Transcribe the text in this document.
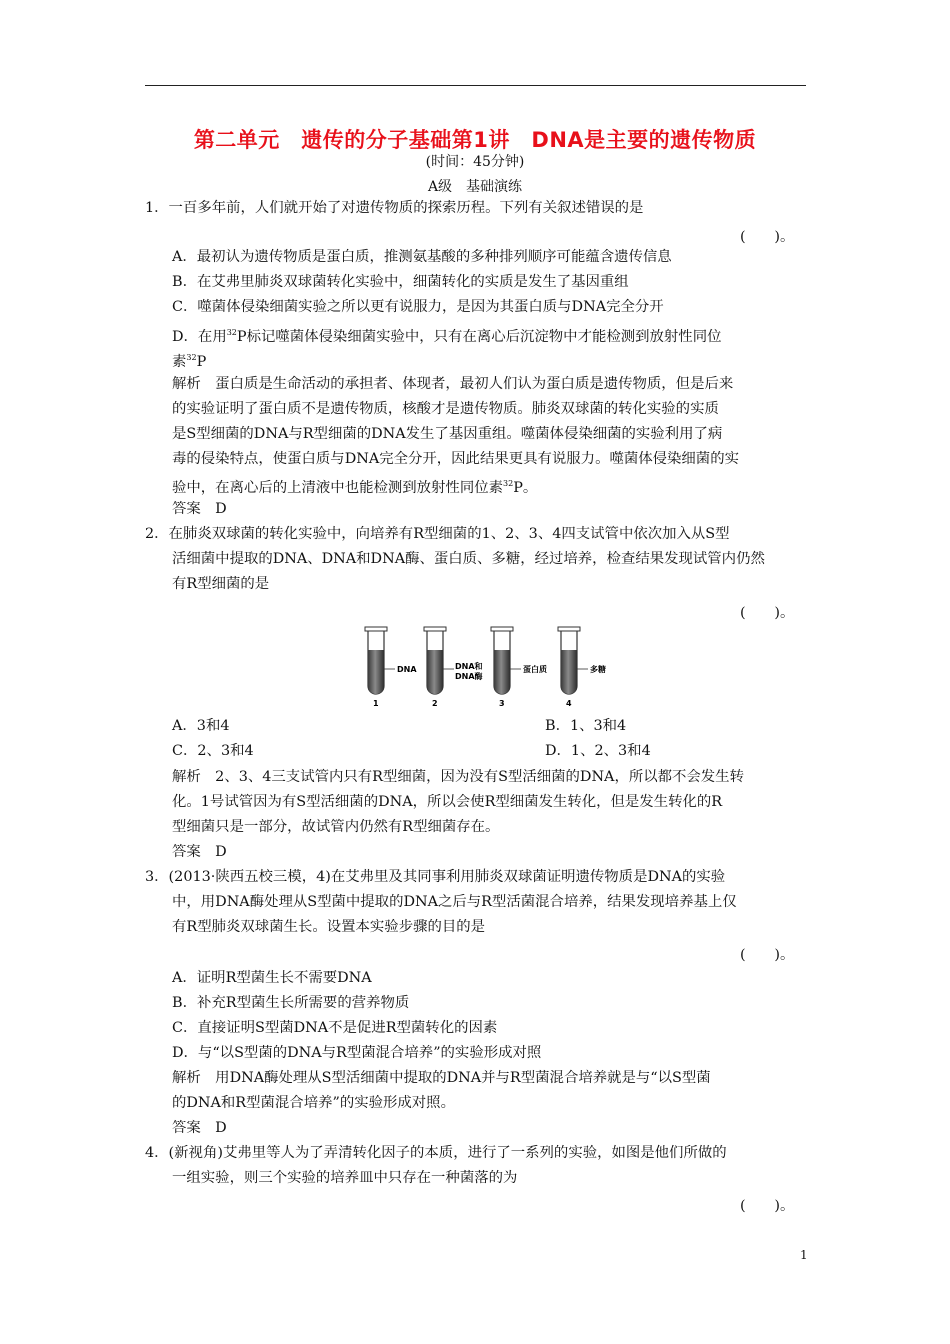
第二单元　遗传的分子基础第1讲　DNA是主要的遗传物质
(时间：45分钟)
A级　基础演练
1．一百多年前，人们就开始了对遗传物质的探索历程。下列有关叙述错误的是
(　　)。
A．最初认为遗传物质是蛋白质，推测氨基酸的多种排列顺序可能蕴含遗传信息
B．在艾弗里肺炎双球菌转化实验中，细菌转化的实质是发生了基因重组
C．噬菌体侵染细菌实验之所以更有说服力，是因为其蛋白质与DNA完全分开
D．在用$^{32}$P标记噬菌体侵染细菌实验中，只有在离心后沉淀物中才能检测到放射性同位
素$^{32}$P
解析　蛋白质是生命活动的承担者、体现者，最初人们认为蛋白质是遗传物质，但是后来
的实验证明了蛋白质不是遗传物质，核酸才是遗传物质。肺炎双球菌的转化实验的实质
是S型细菌的DNA与R型细菌的DNA发生了基因重组。噬菌体侵染细菌的实验利用了病
毒的侵染特点，使蛋白质与DNA完全分开，因此结果更具有说服力。噬菌体侵染细菌的实
验中，在离心后的上清液中也能检测到放射性同位素$^{32}$P。
答案　D
2．在肺炎双球菌的转化实验中，向培养有R型细菌的1、2、3、4四支试管中依次加入从S型
活细菌中提取的DNA、DNA和DNA酶、蛋白质、多糖，经过培养，检查结果发现试管内仍然
有R型细菌的是
(　　)。
DNA
1
DNA和
DNA酶
2
蛋白质
3
多糖
4
A．3和4	B．1、3和4
C．2、3和4	D．1、2、3和4
解析　2、3、4三支试管内只有R型细菌，因为没有S型活细菌的DNA，所以都不会发生转
化。1号试管因为有S型活细菌的DNA，所以会使R型细菌发生转化，但是发生转化的R
型细菌只是一部分，故试管内仍然有R型细菌存在。
答案　D
3．(2013·陕西五校三模，4)在艾弗里及其同事利用肺炎双球菌证明遗传物质是DNA的实验
中，用DNA酶处理从S型菌中提取的DNA之后与R型活菌混合培养，结果发现培养基上仅
有R型肺炎双球菌生长。设置本实验步骤的目的是
(　　)。
A．证明R型菌生长不需要DNA
B．补充R型菌生长所需要的营养物质
C．直接证明S型菌DNA不是促进R型菌转化的因素
D．与“以S型菌的DNA与R型菌混合培养”的实验形成对照
解析　用DNA酶处理从S型活细菌中提取的DNA并与R型菌混合培养就是与“以S型菌
的DNA和R型菌混合培养”的实验形成对照。
答案　D
4．(新视角)艾弗里等人为了弄清转化因子的本质，进行了一系列的实验，如图是他们所做的
一组实验，则三个实验的培养皿中只存在一种菌落的为
(　　)。
1
